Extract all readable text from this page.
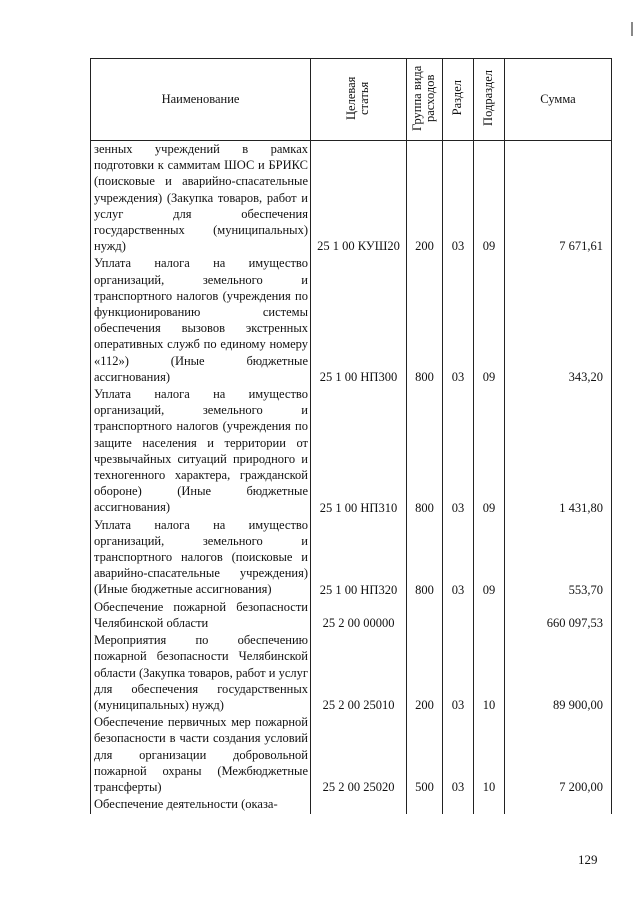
Наименование	Целевая статья	Группа вида расходов	Раздел	Подраздел	Сумма
зенных учреждений в рамках подготовки к саммитам ШОС и БРИКС (поисковые и аварийно-спасательные учреждения) (Закупка товаров, работ и услуг для обеспечения государственных (муниципальных) нужд)	25 1 00 КУШ20	200	03	09	7 671,61
Уплата налога на имущество организаций, земельного и транспортного налогов (учреждения по функционированию системы обеспечения вызовов экстренных оперативных служб по единому номеру «112») (Иные бюджетные ассигнования)	25 1 00 НП300	800	03	09	343,20
Уплата налога на имущество организаций, земельного и транспортного налогов (учреждения по защите населения и территории от чрезвычайных ситуаций природного и техногенного характера, гражданской обороне) (Иные бюджетные ассигнования)	25 1 00 НП310	800	03	09	1 431,80
Уплата налога на имущество организаций, земельного и транспортного налогов (поисковые и аварийно-спасательные учреждения) (Иные бюджетные ассигнования)	25 1 00 НП320	800	03	09	553,70
Обеспечение пожарной безопасности Челябинской области	25 2 00 00000				660 097,53
Мероприятия по обеспечению пожарной безопасности Челябинской области (Закупка товаров, работ и услуг для обеспечения государственных (муниципальных) нужд)	25 2 00 25010	200	03	10	89 900,00
Обеспечение первичных мер пожарной безопасности в части создания условий для организации добровольной пожарной охраны (Межбюджетные трансферты)	25 2 00 25020	500	03	10	7 200,00
Обеспечение деятельности (оказа-					
129
